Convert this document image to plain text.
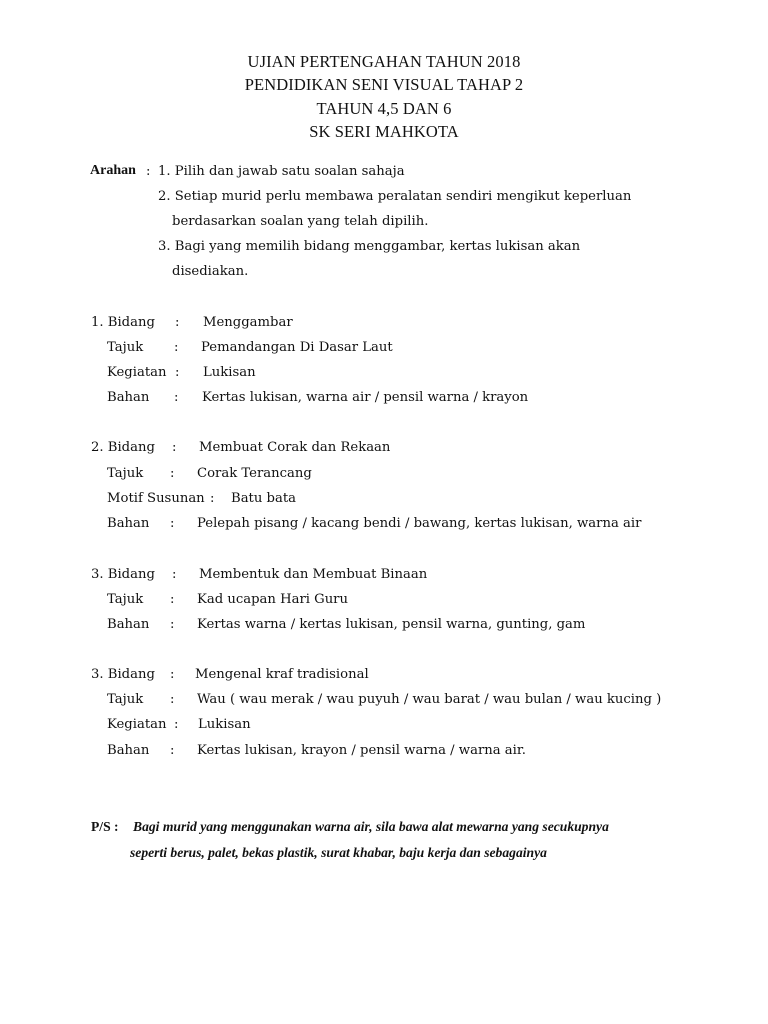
UJIAN PERTENGAHAN TAHUN 2018
PENDIDIKAN SENI VISUAL TAHAP 2
TAHUN 4,5 DAN 6
SK SERI MAHKOTA
Arahan : 1. Pilih dan jawab satu soalan sahaja
2. Setiap murid perlu membawa peralatan sendiri mengikut keperluan
berdasarkan soalan yang telah dipilih.
3. Bagi yang memilih bidang menggambar, kertas lukisan akan
disediakan.
1. Bidang : Menggambar
Tajuk : Pemandangan Di Dasar Laut
Kegiatan : Lukisan
Bahan : Kertas lukisan, warna air / pensil warna / krayon
2. Bidang : Membuat Corak dan Rekaan
Tajuk : Corak Terancang
Motif Susunan : Batu bata
Bahan : Pelepah pisang / kacang bendi / bawang, kertas lukisan, warna air
3. Bidang : Membentuk dan Membuat Binaan
Tajuk : Kad ucapan Hari Guru
Bahan : Kertas warna / kertas lukisan, pensil warna, gunting, gam
3. Bidang : Mengenal kraf tradisional
Tajuk : Wau ( wau merak / wau puyuh / wau barat / wau bulan / wau kucing )
Kegiatan : Lukisan
Bahan : Kertas lukisan, krayon / pensil warna / warna air.
P/S : Bagi murid yang menggunakan warna air, sila bawa alat mewarna yang secukupnya
seperti berus, palet, bekas plastik, surat khabar, baju kerja dan sebagainya
